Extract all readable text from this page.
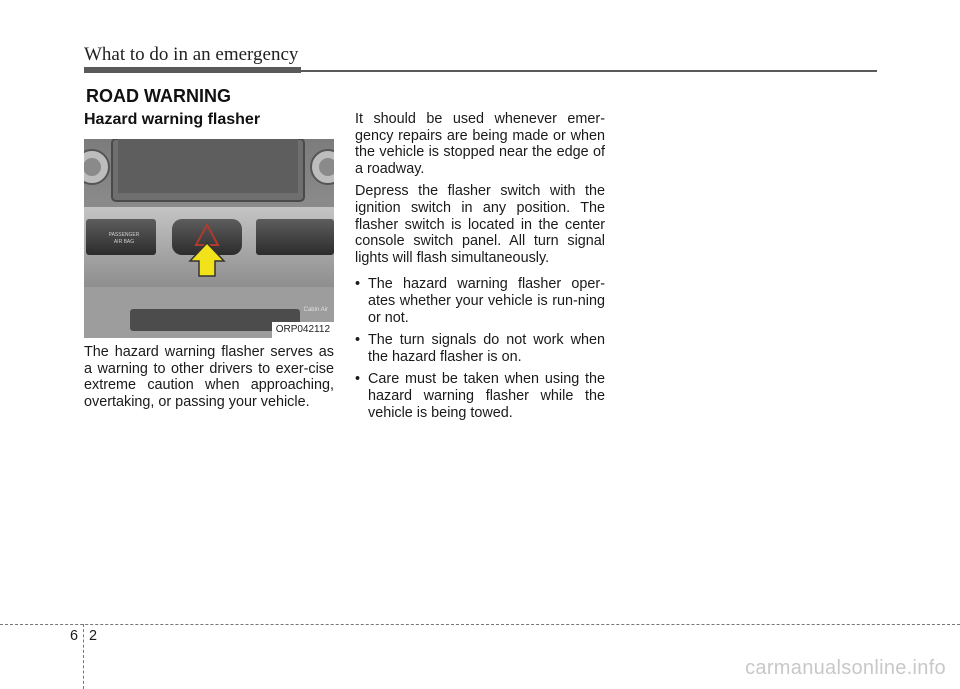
What to do in an emergency
ROAD WARNING
Hazard warning flasher
PASSENGER
AIR BAG
Cabin Air
ORP042112

The hazard warning flasher serves as a warning to other drivers to exer-cise extreme caution when approaching, overtaking, or passing your vehicle.

It should be used whenever emer-gency repairs are being made or when the vehicle is stopped near the edge of a roadway.

Depress the flasher switch with the ignition switch in any position. The flasher switch is located in the center console switch panel. All turn signal lights will flash simultaneously.

• The hazard warning flasher oper-ates whether your vehicle is run-ning or not.
• The turn signals do not work when the hazard flasher is on.
• Care must be taken when using the hazard warning flasher while the vehicle is being towed.
6 2
carmanualsonline.info
